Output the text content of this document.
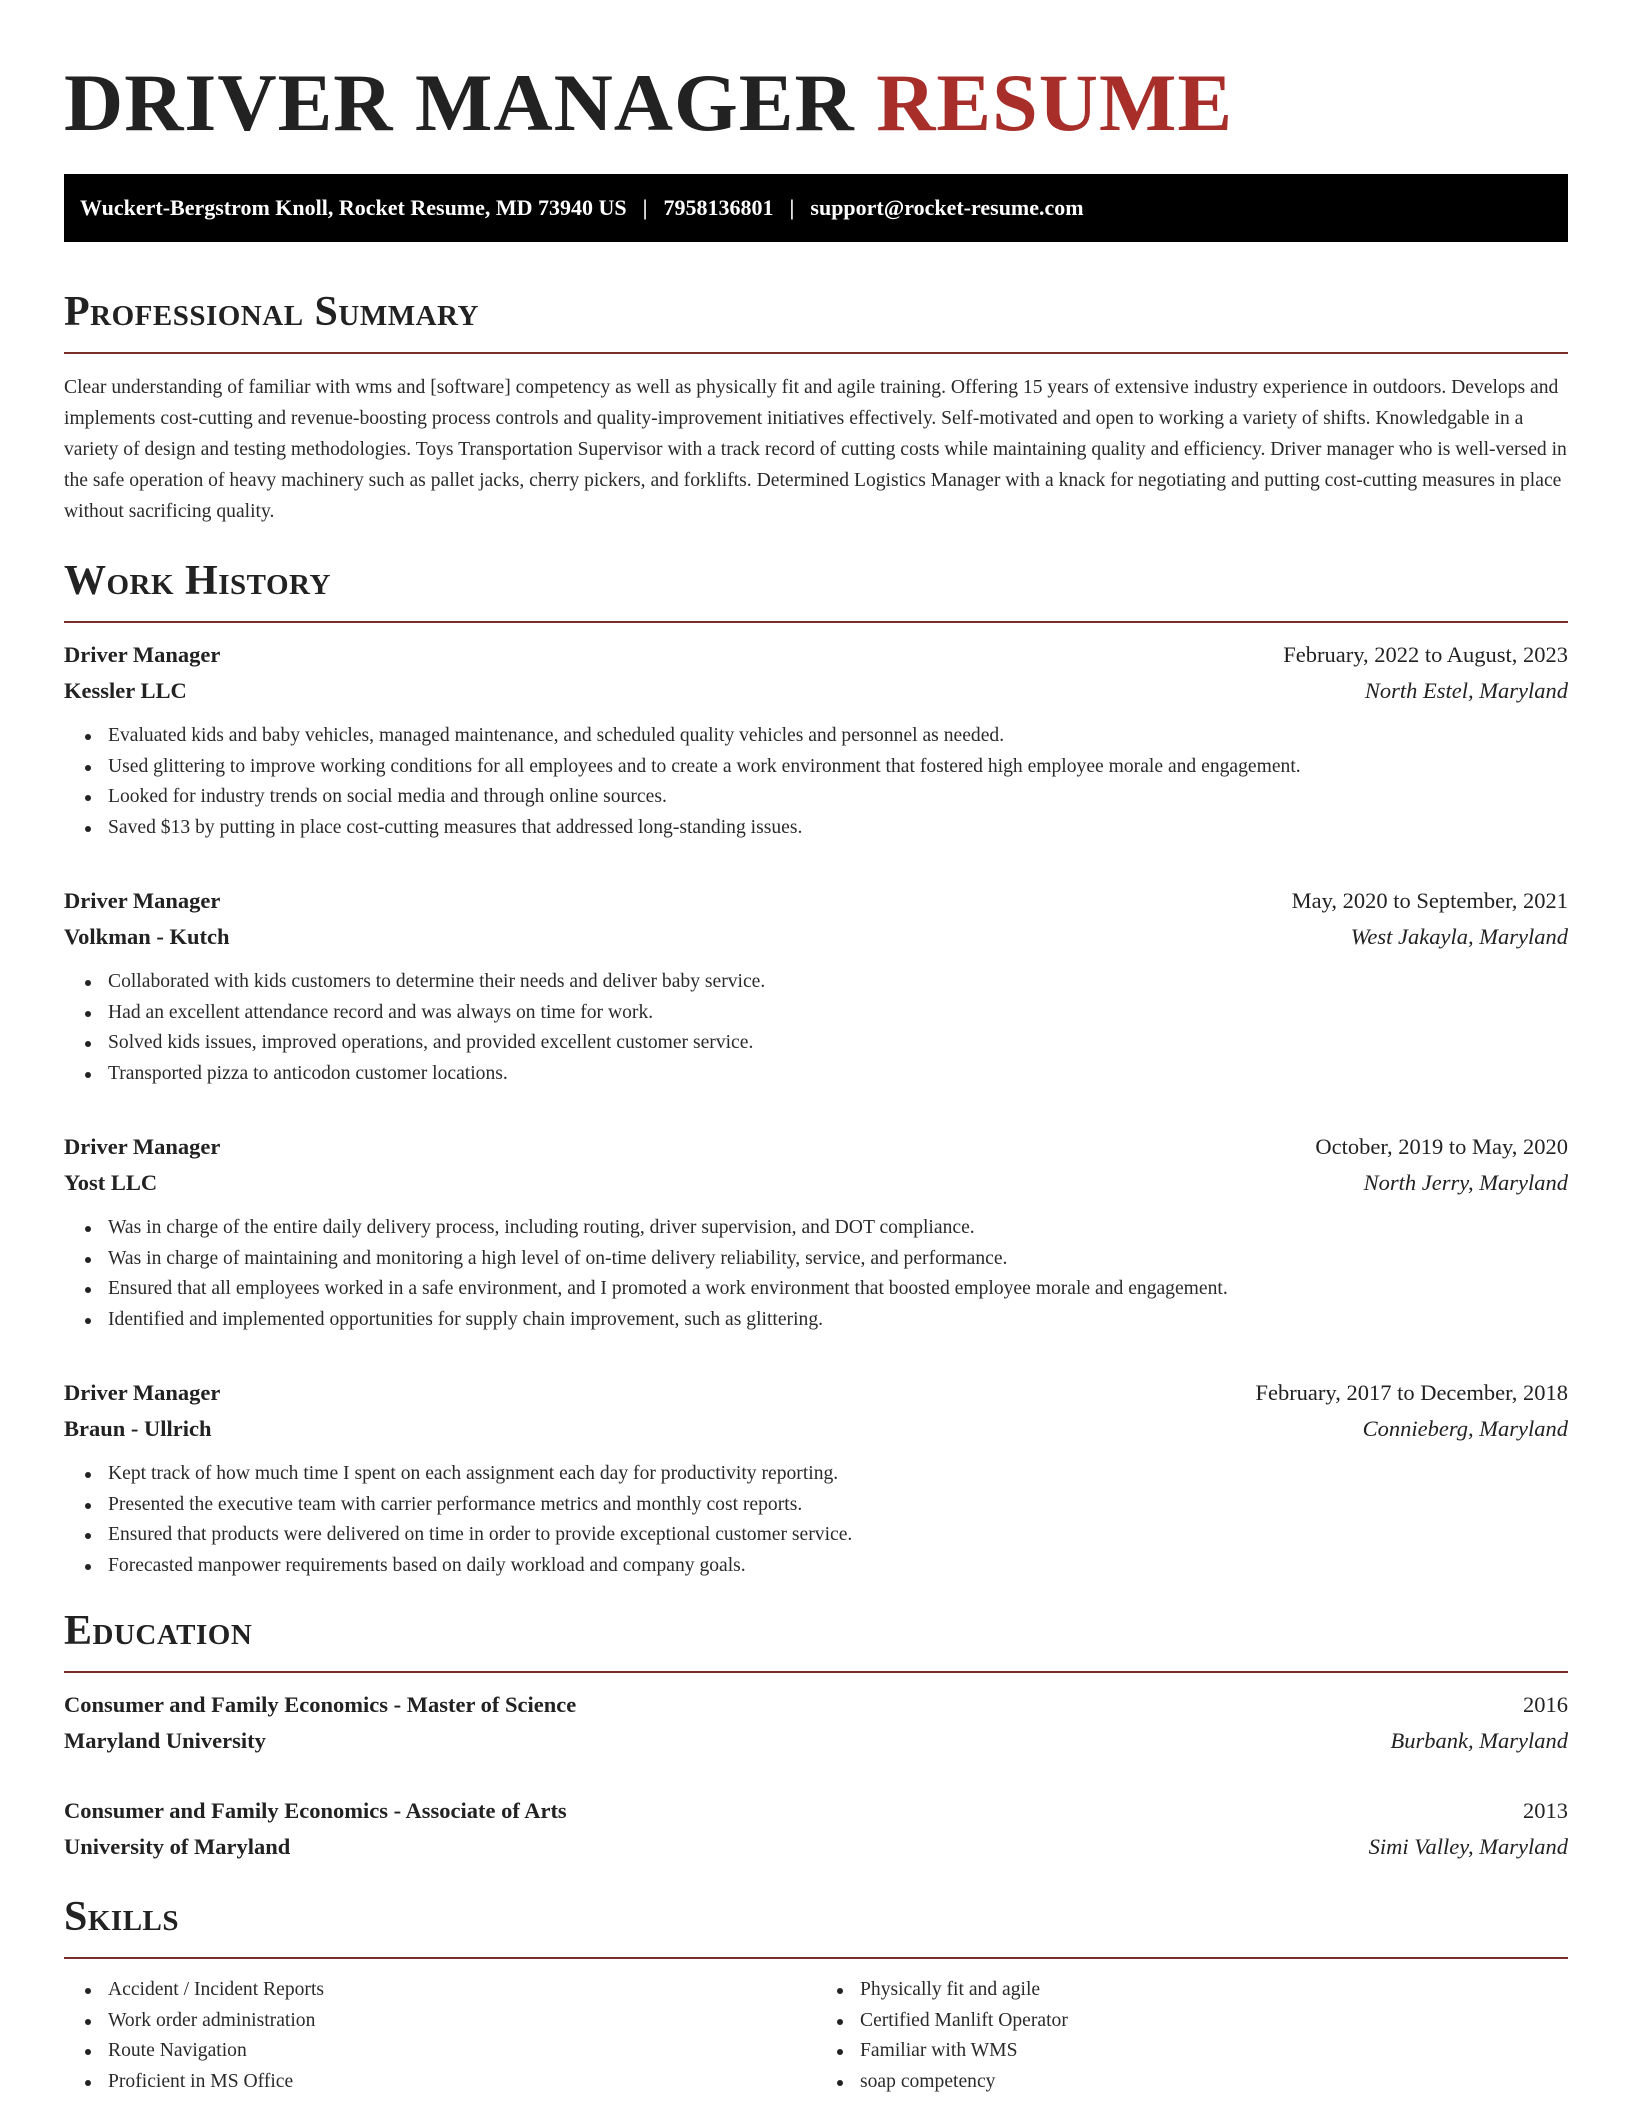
DRIVER MANAGER RESUME
Wuckert-Bergstrom Knoll, Rocket Resume, MD 73940 US | 7958136801 | support@rocket-resume.com
Professional Summary

Clear understanding of familiar with wms and [software] competency as well as physically fit and agile training. Offering 15 years of extensive industry experience in outdoors. Develops and implements cost-cutting and revenue-boosting process controls and quality-improvement initiatives effectively. Self-motivated and open to working a variety of shifts. Knowledgable in a variety of design and testing methodologies. Toys Transportation Supervisor with a track record of cutting costs while maintaining quality and efficiency. Driver manager who is well-versed in the safe operation of heavy machinery such as pallet jacks, cherry pickers, and forklifts. Determined Logistics Manager with a knack for negotiating and putting cost-cutting measures in place without sacrificing quality.

Work History
Driver Manager	February, 2022 to August, 2023
Kessler LLC	North Estel, Maryland
Evaluated kids and baby vehicles, managed maintenance, and scheduled quality vehicles and personnel as needed.
Used glittering to improve working conditions for all employees and to create a work environment that fostered high employee morale and engagement.
Looked for industry trends on social media and through online sources.
Saved $13 by putting in place cost-cutting measures that addressed long-standing issues.
Driver Manager	May, 2020 to September, 2021
Volkman - Kutch	West Jakayla, Maryland
Collaborated with kids customers to determine their needs and deliver baby service.
Had an excellent attendance record and was always on time for work.
Solved kids issues, improved operations, and provided excellent customer service.
Transported pizza to anticodon customer locations.
Driver Manager	October, 2019 to May, 2020
Yost LLC	North Jerry, Maryland
Was in charge of the entire daily delivery process, including routing, driver supervision, and DOT compliance.
Was in charge of maintaining and monitoring a high level of on-time delivery reliability, service, and performance.
Ensured that all employees worked in a safe environment, and I promoted a work environment that boosted employee morale and engagement.
Identified and implemented opportunities for supply chain improvement, such as glittering.
Driver Manager	February, 2017 to December, 2018
Braun - Ullrich	Connieberg, Maryland
Kept track of how much time I spent on each assignment each day for productivity reporting.
Presented the executive team with carrier performance metrics and monthly cost reports.
Ensured that products were delivered on time in order to provide exceptional customer service.
Forecasted manpower requirements based on daily workload and company goals.
Education
Consumer and Family Economics - Master of Science	2016
Maryland University	Burbank, Maryland
Consumer and Family Economics - Associate of Arts	2013
University of Maryland	Simi Valley, Maryland
Skills
Accident / Incident Reports
Work order administration
Route Navigation
Proficient in MS Office
Physically fit and agile
Certified Manlift Operator
Familiar with WMS
soap competency
